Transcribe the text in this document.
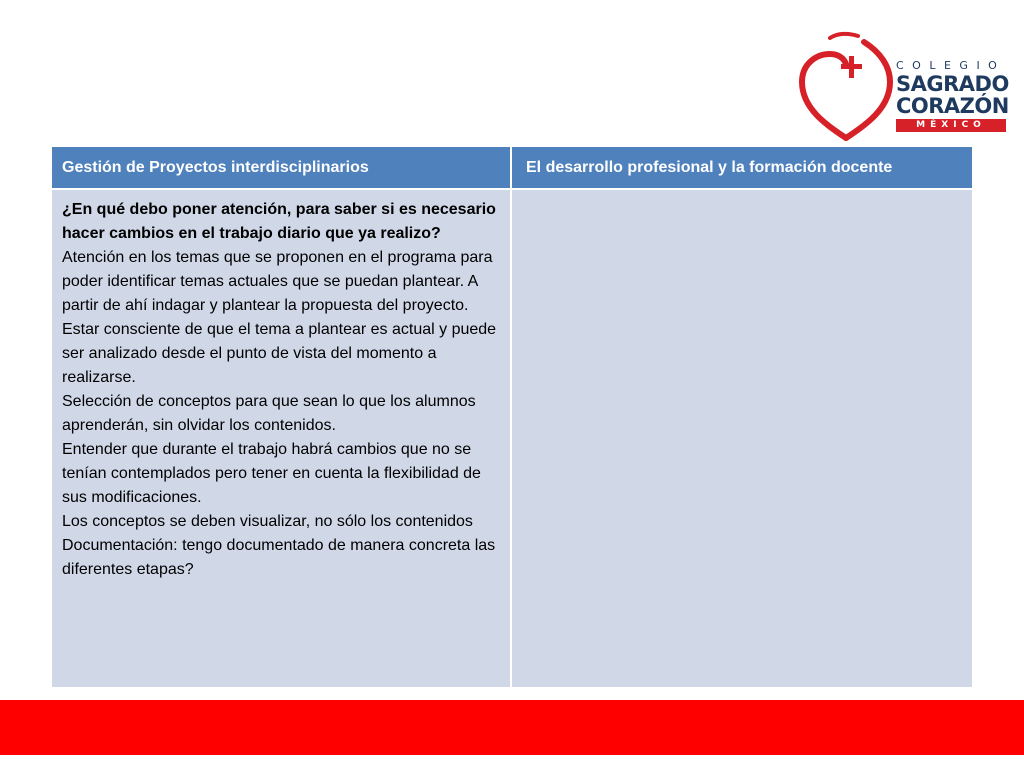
COLEGIO
SAGRADO
CORAZÓN
MÉXICO
Gestión de Proyectos interdisciplinarios	El desarrollo profesional y la formación docente

¿En qué debo poner atención, para saber si es necesario hacer cambios en el trabajo diario que ya realizo?

Atención en los temas que se proponen en el programa para poder identificar temas actuales que se puedan plantear. A partir de ahí indagar y plantear la propuesta del proyecto.

Estar consciente de que el tema a plantear es actual y puede ser analizado desde el punto de vista del momento a realizarse.

Selección de conceptos para que sean lo que los alumnos aprenderán, sin olvidar los contenidos.

Entender que durante el trabajo habrá cambios que no se tenían contemplados pero tener en cuenta la flexibilidad de sus modificaciones.

Los conceptos se deben visualizar, no sólo los contenidos

Documentación: tengo documentado de manera concreta las diferentes etapas?
